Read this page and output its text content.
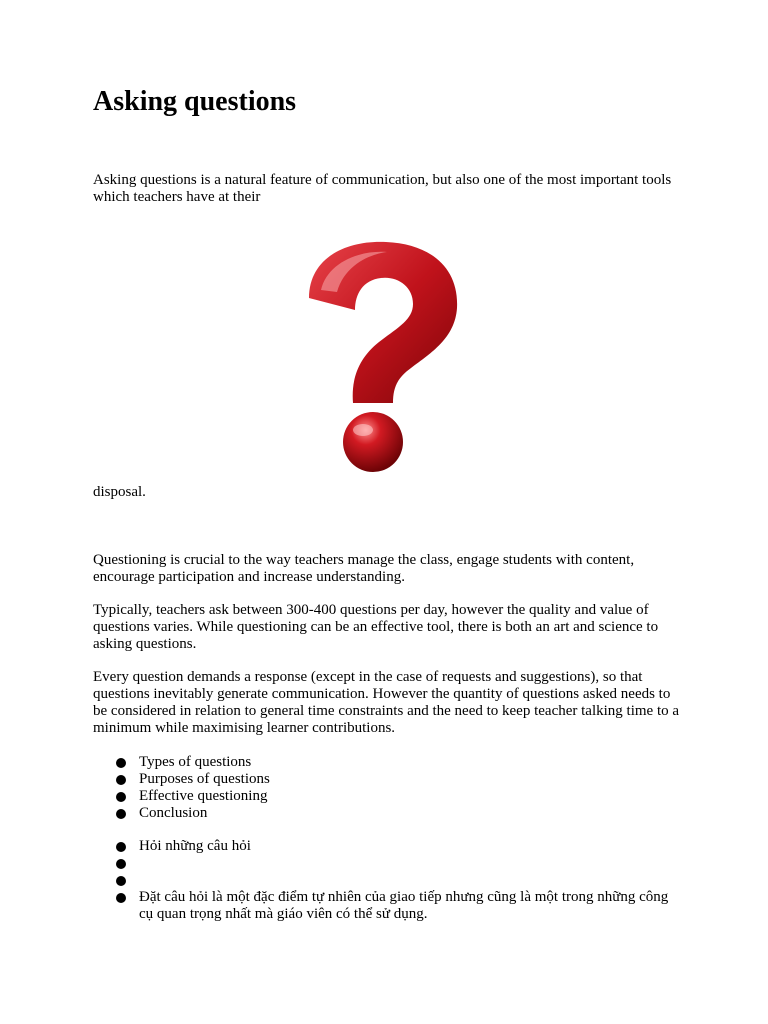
Asking questions

Asking questions is a natural feature of communication, but also one of the most important tools which teachers have at their

disposal.

Questioning is crucial to the way teachers manage the class, engage students with content, encourage participation and increase understanding.

Typically, teachers ask between 300-400 questions per day, however the quality and value of questions varies. While questioning can be an effective tool, there is both an art and science to asking questions.

Every question demands a response (except in the case of requests and suggestions), so that questions inevitably generate communication. However the quantity of questions asked needs to be considered in relation to general time constraints and the need to keep teacher talking time to a minimum while maximising learner contributions.

Types of questions
Purposes of questions
Effective questioning
Conclusion
Hỏi những câu hỏi
Đặt câu hỏi là một đặc điểm tự nhiên của giao tiếp nhưng cũng là một trong những công cụ quan trọng nhất mà giáo viên có thể sử dụng.
